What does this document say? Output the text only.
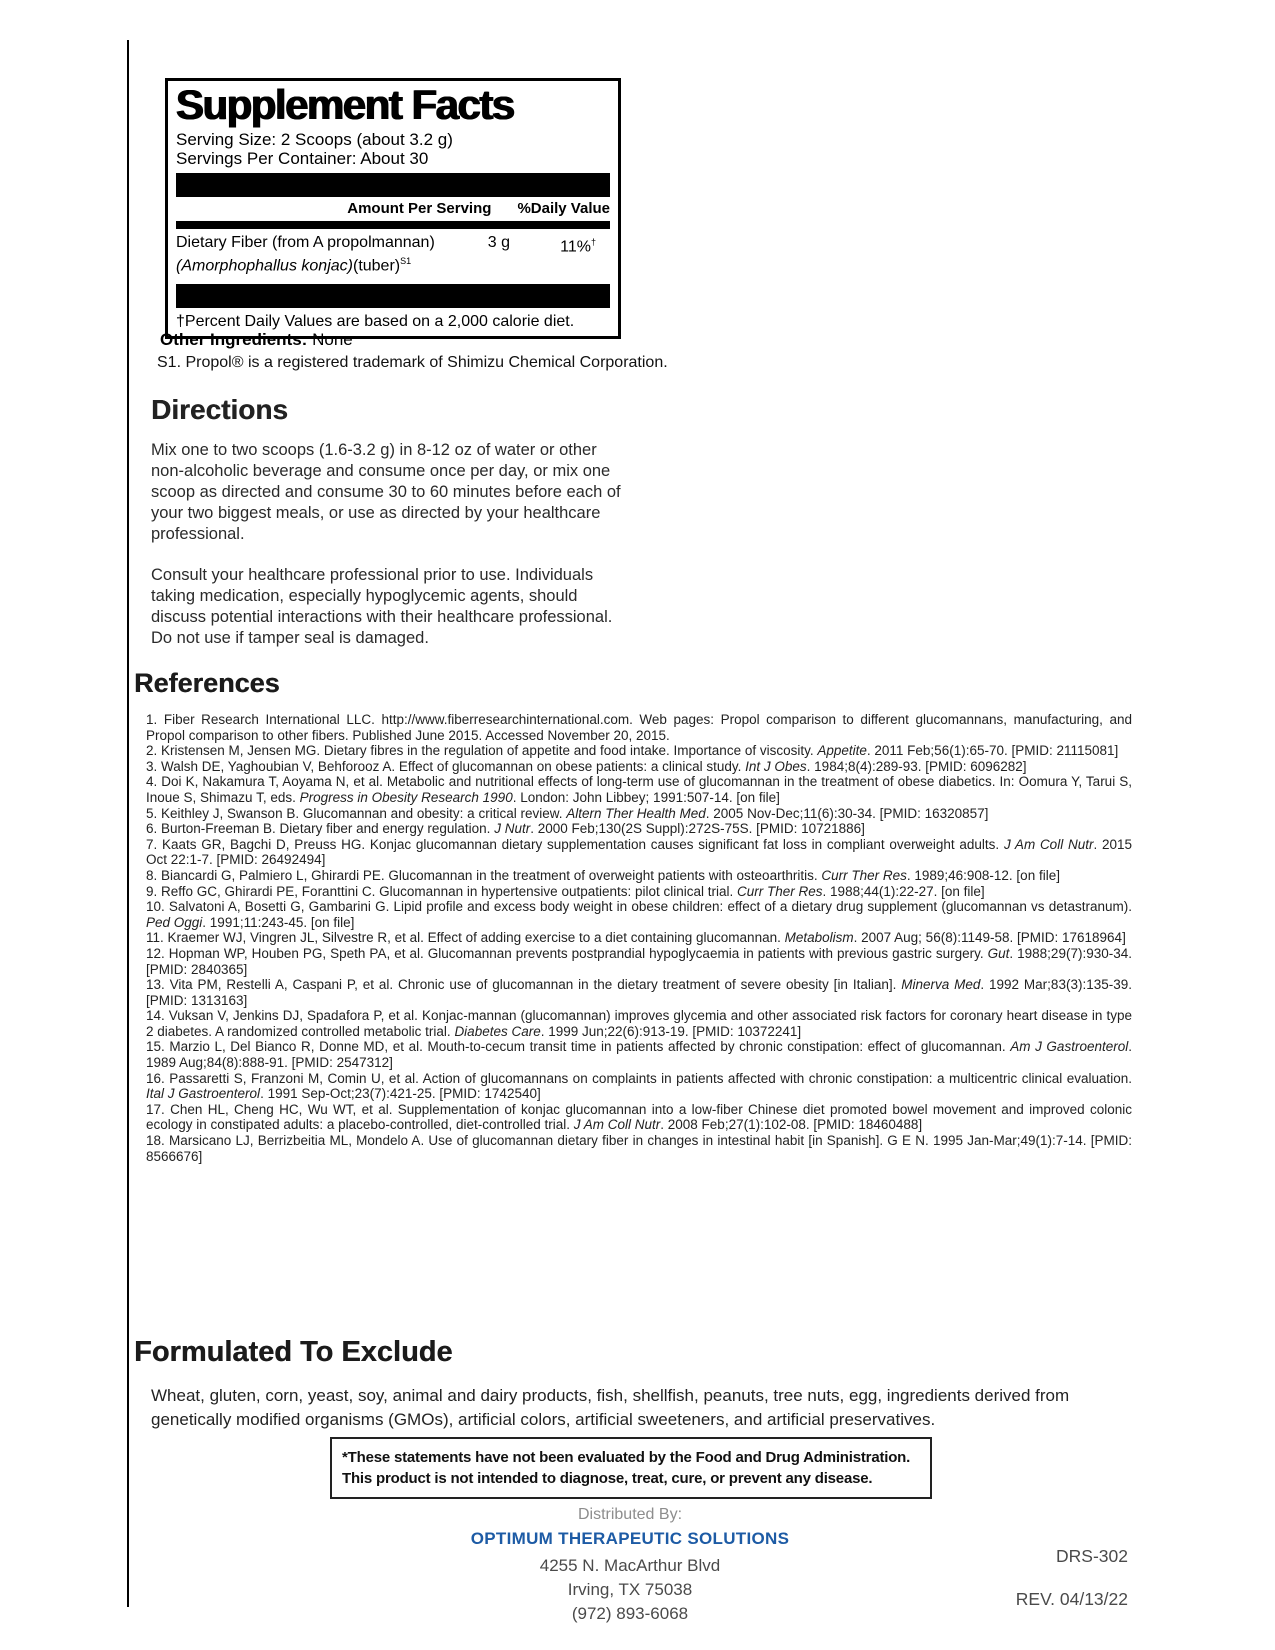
Supplement Facts
Serving Size: 2 Scoops (about 3.2 g)
Servings Per Container: About 30
Amount Per Serving %Daily Value
Dietary Fiber (from A propolmannan)
(Amorphophallus konjac)(tuber)$^{S1}$
3 g	11%†
†Percent Daily Values are based on a 2,000 calorie diet.
Other Ingredients: None
S1. Propol® is a registered trademark of Shimizu Chemical Corporation.
Directions
Mix one to two scoops (1.6-3.2 g) in 8-12 oz of water or other non-alcoholic beverage and consume once per day, or mix one scoop as directed and consume 30 to 60 minutes before each of your two biggest meals, or use as directed by your healthcare professional.
Consult your healthcare professional prior to use. Individuals taking medication, especially hypoglycemic agents, should discuss potential interactions with their healthcare professional. Do not use if tamper seal is damaged.
References
1. Fiber Research International LLC. http://www.fiberresearchinternational.com. Web pages: Propol comparison to different glucomannans, manufacturing, and Propol comparison to other fibers. Published June 2015. Accessed November 20, 2015.
2. Kristensen M, Jensen MG. Dietary fibres in the regulation of appetite and food intake. Importance of viscosity. Appetite. 2011 Feb;56(1):65-70. [PMID: 21115081]
3. Walsh DE, Yaghoubian V, Behforooz A. Effect of glucomannan on obese patients: a clinical study. Int J Obes. 1984;8(4):289-93. [PMID: 6096282]
4. Doi K, Nakamura T, Aoyama N, et al. Metabolic and nutritional effects of long-term use of glucomannan in the treatment of obese diabetics. In: Oomura Y, Tarui S, Inoue S, Shimazu T, eds. Progress in Obesity Research 1990. London: John Libbey; 1991:507-14. [on file]
5. Keithley J, Swanson B. Glucomannan and obesity: a critical review. Altern Ther Health Med. 2005 Nov-Dec;11(6):30-34. [PMID: 16320857]
6. Burton-Freeman B. Dietary fiber and energy regulation. J Nutr. 2000 Feb;130(2S Suppl):272S-75S. [PMID: 10721886]
7. Kaats GR, Bagchi D, Preuss HG. Konjac glucomannan dietary supplementation causes significant fat loss in compliant overweight adults. J Am Coll Nutr. 2015 Oct 22:1-7. [PMID: 26492494]
8. Biancardi G, Palmiero L, Ghirardi PE. Glucomannan in the treatment of overweight patients with osteoarthritis. Curr Ther Res. 1989;46:908-12. [on file]
9. Reffo GC, Ghirardi PE, Foranttini C. Glucomannan in hypertensive outpatients: pilot clinical trial. Curr Ther Res. 1988;44(1):22-27. [on file]
10. Salvatoni A, Bosetti G, Gambarini G. Lipid profile and excess body weight in obese children: effect of a dietary drug supplement (glucomannan vs detastranum). Ped Oggi. 1991;11:243-45. [on file]
11. Kraemer WJ, Vingren JL, Silvestre R, et al. Effect of adding exercise to a diet containing glucomannan. Metabolism. 2007 Aug; 56(8):1149-58. [PMID: 17618964]
12. Hopman WP, Houben PG, Speth PA, et al. Glucomannan prevents postprandial hypoglycaemia in patients with previous gastric surgery. Gut. 1988;29(7):930-34. [PMID: 2840365]
13. Vita PM, Restelli A, Caspani P, et al. Chronic use of glucomannan in the dietary treatment of severe obesity [in Italian]. Minerva Med. 1992 Mar;83(3):135-39. [PMID: 1313163]
14. Vuksan V, Jenkins DJ, Spadafora P, et al. Konjac-mannan (glucomannan) improves glycemia and other associated risk factors for coronary heart disease in type 2 diabetes. A randomized controlled metabolic trial. Diabetes Care. 1999 Jun;22(6):913-19. [PMID: 10372241]
15. Marzio L, Del Bianco R, Donne MD, et al. Mouth-to-cecum transit time in patients affected by chronic constipation: effect of glucomannan. Am J Gastroenterol. 1989 Aug;84(8):888-91. [PMID: 2547312]
16. Passaretti S, Franzoni M, Comin U, et al. Action of glucomannans on complaints in patients affected with chronic constipation: a multicentric clinical evaluation. Ital J Gastroenterol. 1991 Sep-Oct;23(7):421-25. [PMID: 1742540]
17. Chen HL, Cheng HC, Wu WT, et al. Supplementation of konjac glucomannan into a low-fiber Chinese diet promoted bowel movement and improved colonic ecology in constipated adults: a placebo-controlled, diet-controlled trial. J Am Coll Nutr. 2008 Feb;27(1):102-08. [PMID: 18460488]
18. Marsicano LJ, Berrizbeitia ML, Mondelo A. Use of glucomannan dietary fiber in changes in intestinal habit [in Spanish]. G E N. 1995 Jan-Mar;49(1):7-14. [PMID: 8566676]
Formulated To Exclude
Wheat, gluten, corn, yeast, soy, animal and dairy products, fish, shellfish, peanuts, tree nuts, egg, ingredients derived from genetically modified organisms (GMOs), artificial colors, artificial sweeteners, and artificial preservatives.
*These statements have not been evaluated by the Food and Drug Administration.
This product is not intended to diagnose, treat, cure, or prevent any disease.
Distributed By:
OPTIMUM THERAPEUTIC SOLUTIONS
4255 N. MacArthur Blvd
Irving, TX 75038
(972) 893-6068
DRS-302
REV. 04/13/22
